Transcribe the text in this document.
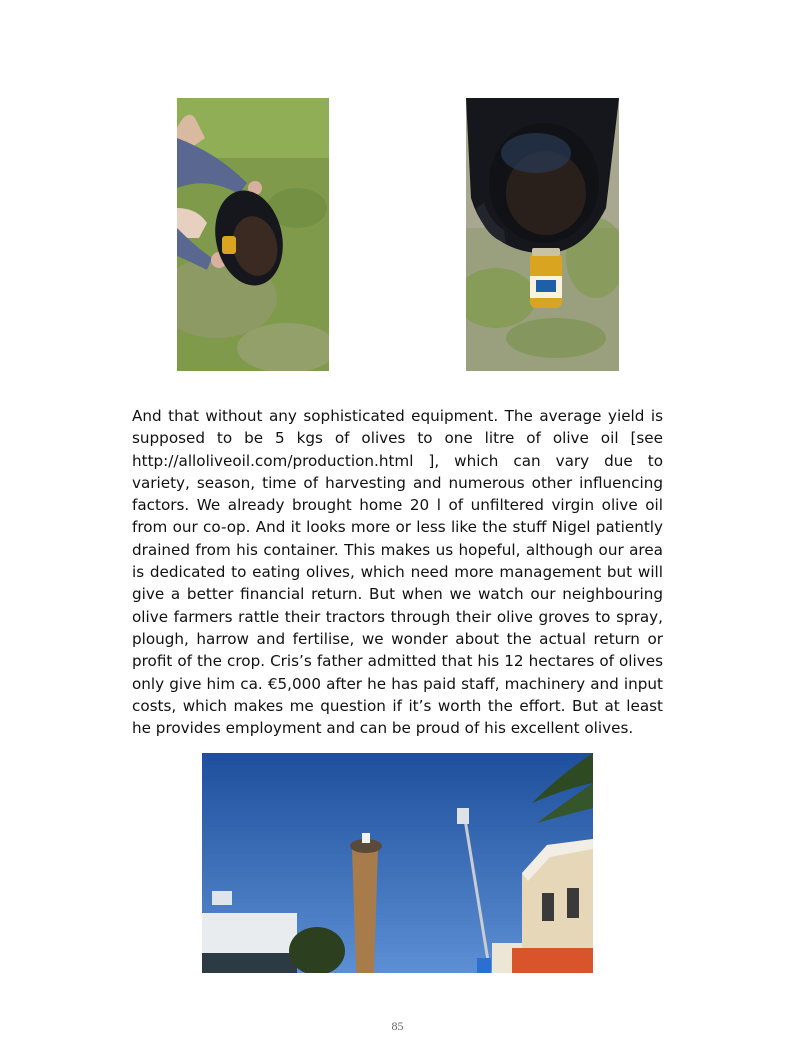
And that without any sophisticated equipment. The average yield is supposed to be 5 kgs of olives to one litre of olive oil [see http://alloliveoil.com/production.html ], which can vary due to variety, season, time of harvesting and numerous other influencing factors. We already brought home 20 l of unfiltered virgin olive oil from our co-op. And it looks more or less like the stuff Nigel patiently drained from his container. This makes us hopeful, although our area is dedicated to eating olives, which need more management but will give a better financial return. But when we watch our neighbouring olive farmers rattle their tractors through their olive groves to spray, plough, harrow and fertilise, we wonder about the actual return or profit of the crop. Cris’s father admitted that his 12 hectares of olives only give him ca. €5,000 after he has paid staff, machinery and input costs, which makes me question if it’s worth the effort. But at least he provides employment and can be proud of his excellent olives.

85
